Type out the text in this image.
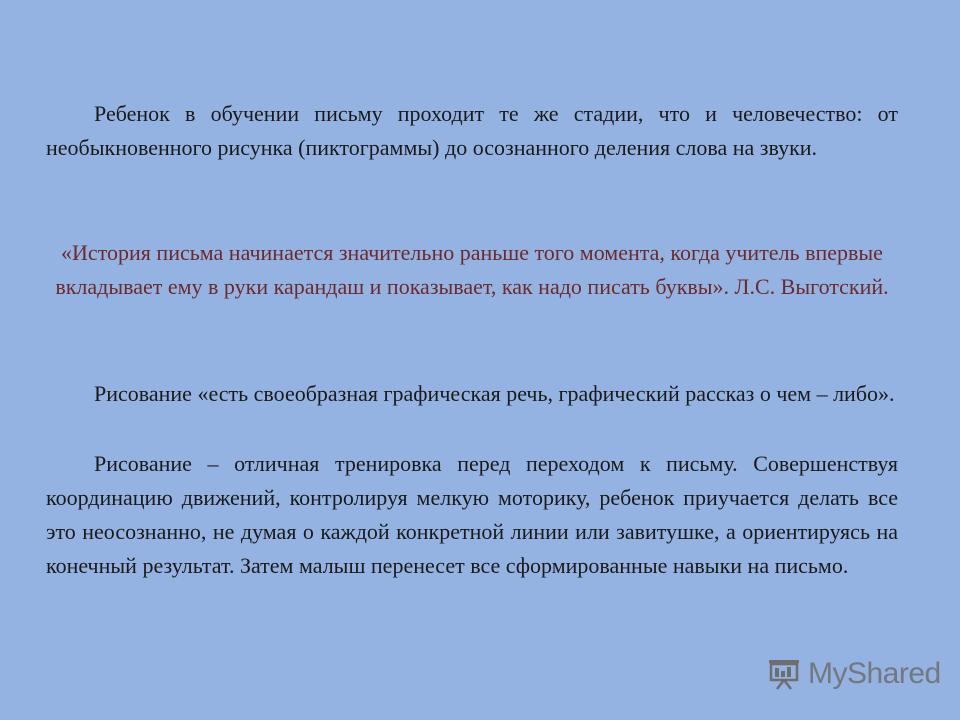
Ребенок в обучении письму проходит те же стадии, что и человечество: от необыкновенного рисунка (пиктограммы) до осознанного деления слова на звуки.

«История письма начинается значительно раньше того момента, когда учитель впервые вкладывает ему в руки карандаш и показывает, как надо писать буквы». Л.С. Выготский.

Рисование «есть своеобразная графическая речь, графический рассказ о чем – либо».

Рисование – отличная тренировка перед переходом к письму. Совершенствуя координацию движений, контролируя мелкую моторику, ребенок приучается делать все это неосознанно, не думая о каждой конкретной линии или завитушке, а ориентируясь на конечный результат. Затем малыш перенесет все сформированные навыки на письмо.

MyShared
